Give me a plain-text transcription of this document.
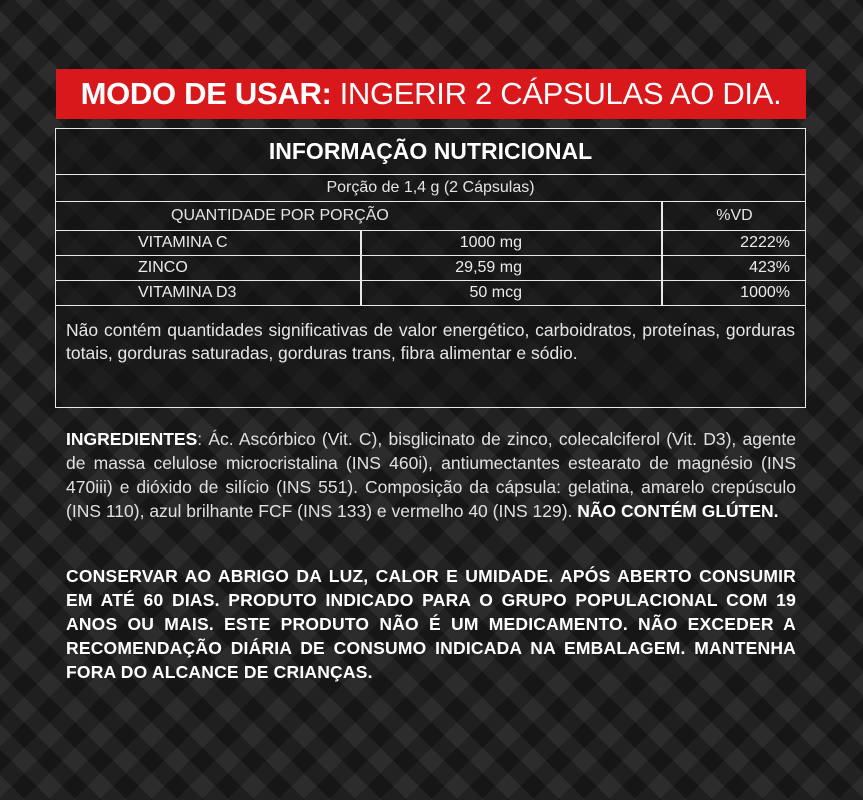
MODO DE USAR: INGERIR 2 CÁPSULAS AO DIA.
INFORMAÇÃO NUTRICIONAL
Porção de 1,4 g (2 Cápsulas)
QUANTIDADE POR PORÇÃO	%VD
VITAMINA C	1000 mg	2222%
ZINCO	29,59 mg	423%
VITAMINA D3	50 mcg	1000%
Não contém quantidades significativas de valor energético, carboidratos, proteínas, gorduras totais, gorduras saturadas, gorduras trans, fibra alimentar e sódio.
INGREDIENTES: Ác. Ascórbico (Vit. C), bisglicinato de zinco, colecalciferol (Vit. D3), agente de massa celulose microcristalina (INS 460i), antiumectantes estearato de magnésio (INS 470iii) e dióxido de silício (INS 551). Composição da cápsula: gelatina, amarelo crepúsculo (INS 110), azul brilhante FCF (INS 133) e vermelho 40 (INS 129). NÃO CONTÉM GLÚTEN.
CONSERVAR AO ABRIGO DA LUZ, CALOR E UMIDADE. APÓS ABERTO CONSUMIR EM ATÉ 60 DIAS. PRODUTO INDICADO PARA O GRUPO POPULACIONAL COM 19 ANOS OU MAIS. ESTE PRODUTO NÃO É UM MEDICAMENTO. NÃO EXCEDER A RECOMENDAÇÃO DIÁRIA DE CONSUMO INDICADA NA EMBALAGEM. MANTENHA FORA DO ALCANCE DE CRIANÇAS.
